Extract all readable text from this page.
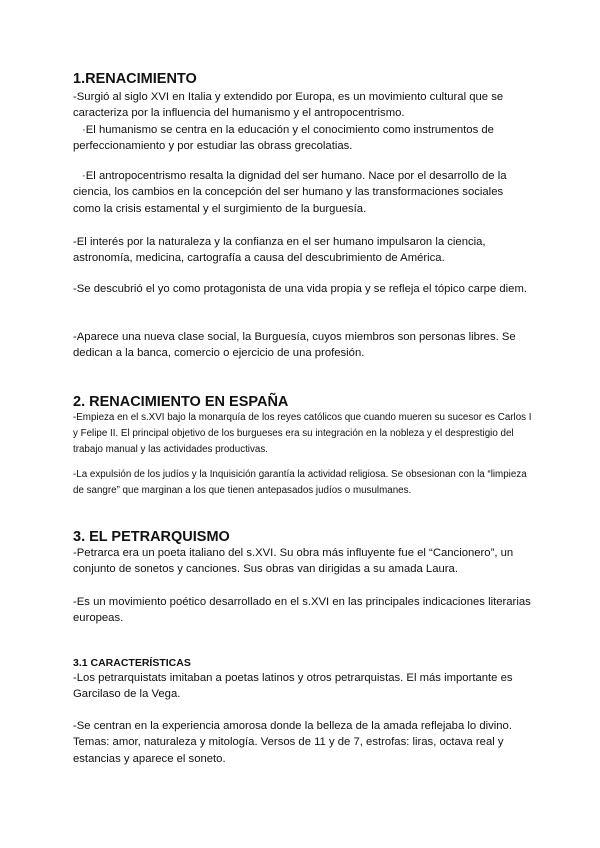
1.RENACIMIENTO

-Surgió al siglo XVI en Italia y extendido por Europa, es un movimiento cultural que se caracteriza por la influencia del humanismo y el antropocentrismo.

·El humanismo se centra en la educación y el conocimiento como instrumentos de perfeccionamiento y por estudiar las obrass grecolatias.

·El antropocentrismo resalta la dignidad del ser humano. Nace por el desarrollo de la ciencia, los cambios en la concepción del ser humano y las transformaciones sociales como la crisis estamental y el surgimiento de la burguesía.

-El interés por la naturaleza y la confianza en el ser humano impulsaron la ciencia, astronomía, medicina, cartografía a causa del descubrimiento de América.

-Se descubrió el yo como protagonista de una vida propia y se refleja el tópico carpe diem.

-Aparece una nueva clase social, la Burguesía, cuyos miembros son personas libres. Se dedican a la banca, comercio o ejercicio de una profesión.

2. RENACIMIENTO EN ESPAÑA

-Empieza en el s.XVI bajo la monarquía de los reyes católicos que cuando mueren su sucesor es Carlos I y Felipe II. El principal objetivo de los burgueses era su integración en la nobleza y el desprestigio del trabajo manual y las actividades productivas.

-La expulsión de los judíos y la Inquisición garantía la actividad religiosa. Se obsesionan con la “limpieza de sangre” que marginan a los que tienen antepasados judíos o musulmanes.

3. EL PETRARQUISMO

-Petrarca era un poeta italiano del s.XVI. Su obra más influyente fue el “Cancionero”, un conjunto de sonetos y canciones. Sus obras van dirigidas a su amada Laura.

-Es un movimiento poético desarrollado en el s.XVI en las principales indicaciones literarias europeas.

3.1 CARACTERÍSTICAS

-Los petrarquistats imitaban a poetas latinos y otros petrarquistas. El más importante es Garcilaso de la Vega.

-Se centran en la experiencia amorosa donde la belleza de la amada reflejaba lo divino. Temas: amor, naturaleza y mitología. Versos de 11 y de 7, estrofas: liras, octava real y estancias y aparece el soneto.
